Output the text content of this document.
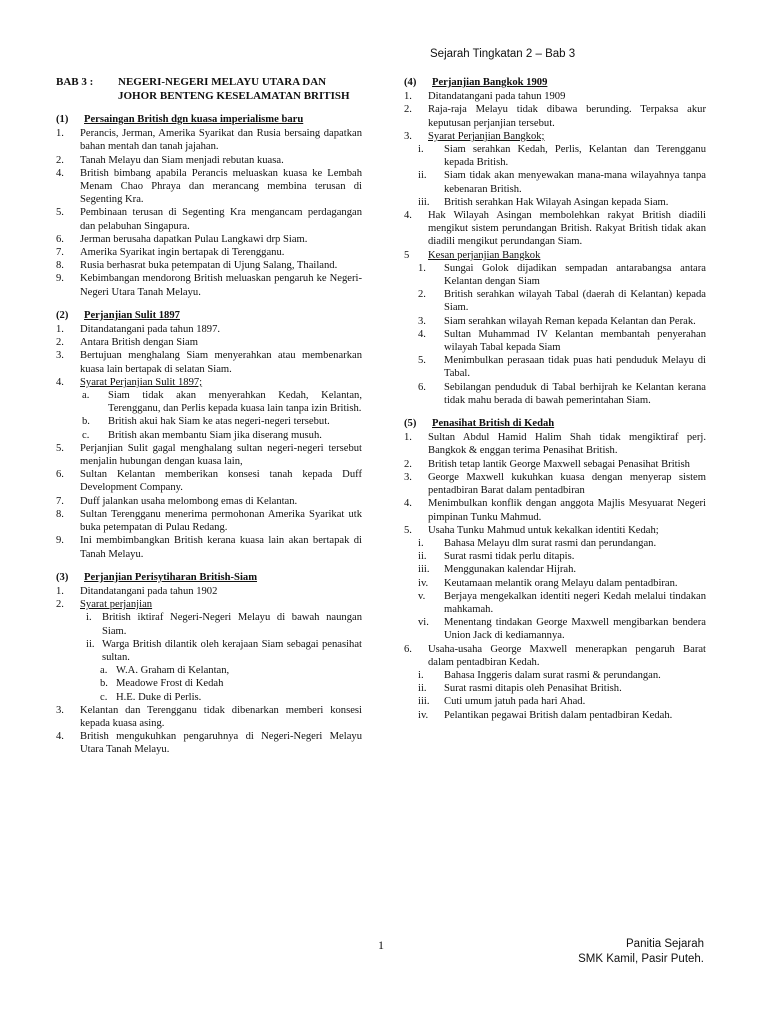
Sejarah Tingkatan 2 – Bab 3
BAB 3 :	NEGERI-NEGERI MELAYU UTARA DAN JOHOR BENTENG KESELAMATAN BRITISH
(1)	Persaingan British dgn kuasa imperialisme baru
1.	Perancis, Jerman, Amerika Syarikat dan Rusia bersaing dapatkan bahan mentah dan tanah jajahan.
2.	Tanah Melayu dan Siam menjadi rebutan kuasa.
4.	British bimbang apabila Perancis meluaskan kuasa ke Lembah Menam Chao Phraya dan merancang membina terusan di Segenting Kra.
5.	Pembinaan terusan di Segenting Kra mengancam perdagangan dan pelabuhan Singapura.
6.	Jerman berusaha dapatkan Pulau Langkawi drp Siam.
7.	Amerika Syarikat ingin bertapak di Terengganu.
8.	Rusia berhasrat buka petempatan di Ujung Salang, Thailand.
9.	Kebimbangan mendorong British meluaskan pengaruh ke Negeri-Negeri Utara Tanah Melayu.
(2)	Perjanjian Sulit 1897
1.	Ditandatangani pada tahun 1897.
2.	Antara British dengan Siam
3.	Bertujuan menghalang Siam menyerahkan atau membenarkan kuasa lain bertapak di selatan Siam.
4.	Syarat Perjanjian Sulit 1897;
a.	Siam tidak akan menyerahkan Kedah, Kelantan, Terengganu, dan Perlis kepada kuasa lain tanpa izin British.
b.	British akui hak Siam ke atas negeri-negeri tersebut.
c.	British akan membantu Siam jika diserang musuh.
5.	Perjanjian Sulit gagal menghalang sultan negeri-negeri tersebut menjalin hubungan dengan kuasa lain,
6.	Sultan Kelantan memberikan konsesi tanah kepada Duff Development Company.
7.	Duff jalankan usaha melombong emas di Kelantan.
8.	Sultan Terengganu menerima permohonan Amerika Syarikat utk buka petempatan di Pulau Redang.
9.	Ini membimbangkan British kerana kuasa lain akan bertapak di Tanah Melayu.
(3)	Perjanjian Perisytiharan British-Siam
1.	Ditandatangani pada tahun 1902
2.	Syarat perjanjian
i. British iktiraf Negeri-Negeri Melayu di bawah naungan Siam.
ii. Warga British dilantik oleh kerajaan Siam sebagai penasihat sultan.
a. W.A. Graham di Kelantan,
b. Meadowe Frost di Kedah
c. H.E. Duke di Perlis.
3.	Kelantan dan Terengganu tidak dibenarkan memberi konsesi kepada kuasa asing.
4.	British mengukuhkan pengaruhnya di Negeri-Negeri Melayu Utara Tanah Melayu.
(4)	Perjanjian Bangkok 1909
1.	Ditandatangani pada tahun 1909
2.	Raja-raja Melayu tidak dibawa berunding. Terpaksa akur keputusan perjanjian tersebut.
3.	Syarat Perjanjian Bangkok;
i.	Siam serahkan Kedah, Perlis, Kelantan dan Terengganu kepada British.
ii.	Siam tidak akan menyewakan mana-mana wilayahnya tanpa kebenaran British.
iii.	British serahkan Hak Wilayah Asingan kepada Siam.
4.	Hak Wilayah Asingan membolehkan rakyat British diadili mengikut sistem perundangan British. Rakyat British tidak akan diadili mengikut perundangan Siam.
5	Kesan perjanjian Bangkok
1.	Sungai Golok dijadikan sempadan antarabangsa antara Kelantan dengan Siam
2.	British serahkan wilayah Tabal (daerah di Kelantan) kepada Siam.
3.	Siam serahkan wilayah Reman kepada Kelantan dan Perak.
4.	Sultan Muhammad IV Kelantan membantah penyerahan wilayah Tabal kepada Siam
5.	Menimbulkan perasaan tidak puas hati penduduk Melayu di Tabal.
6.	Sebilangan penduduk di Tabal berhijrah ke Kelantan kerana tidak mahu berada di bawah pemerintahan Siam.
(5)	Penasihat British di Kedah
1.	Sultan Abdul Hamid Halim Shah tidak mengiktiraf perj. Bangkok & enggan terima Penasihat British.
2.	British tetap lantik George Maxwell sebagai Penasihat British
3.	George Maxwell kukuhkan kuasa dengan menyerap sistem pentadbiran Barat dalam pentadbiran
4.	Menimbulkan konflik dengan anggota Majlis Mesyuarat Negeri pimpinan Tunku Mahmud.
5.	Usaha Tunku Mahmud untuk kekalkan identiti Kedah;
i.	Bahasa Melayu dlm surat rasmi dan perundangan.
ii.	Surat rasmi tidak perlu ditapis.
iii.	Menggunakan kalendar Hijrah.
iv.	Keutamaan melantik orang Melayu dalam pentadbiran.
v.	Berjaya mengekalkan identiti negeri Kedah melalui tindakan mahkamah.
vi.	Menentang tindakan George Maxwell mengibarkan bendera Union Jack di kediamannya.
6.	Usaha-usaha George Maxwell menerapkan pengaruh Barat dalam pentadbiran Kedah.
i.	Bahasa Inggeris dalam surat rasmi & perundangan.
ii.	Surat rasmi ditapis oleh Penasihat British.
iii.	Cuti umum jatuh pada hari Ahad.
iv.	Pelantikan pegawai British dalam pentadbiran Kedah.
1	Panitia Sejarah
SMK Kamil, Pasir Puteh.
